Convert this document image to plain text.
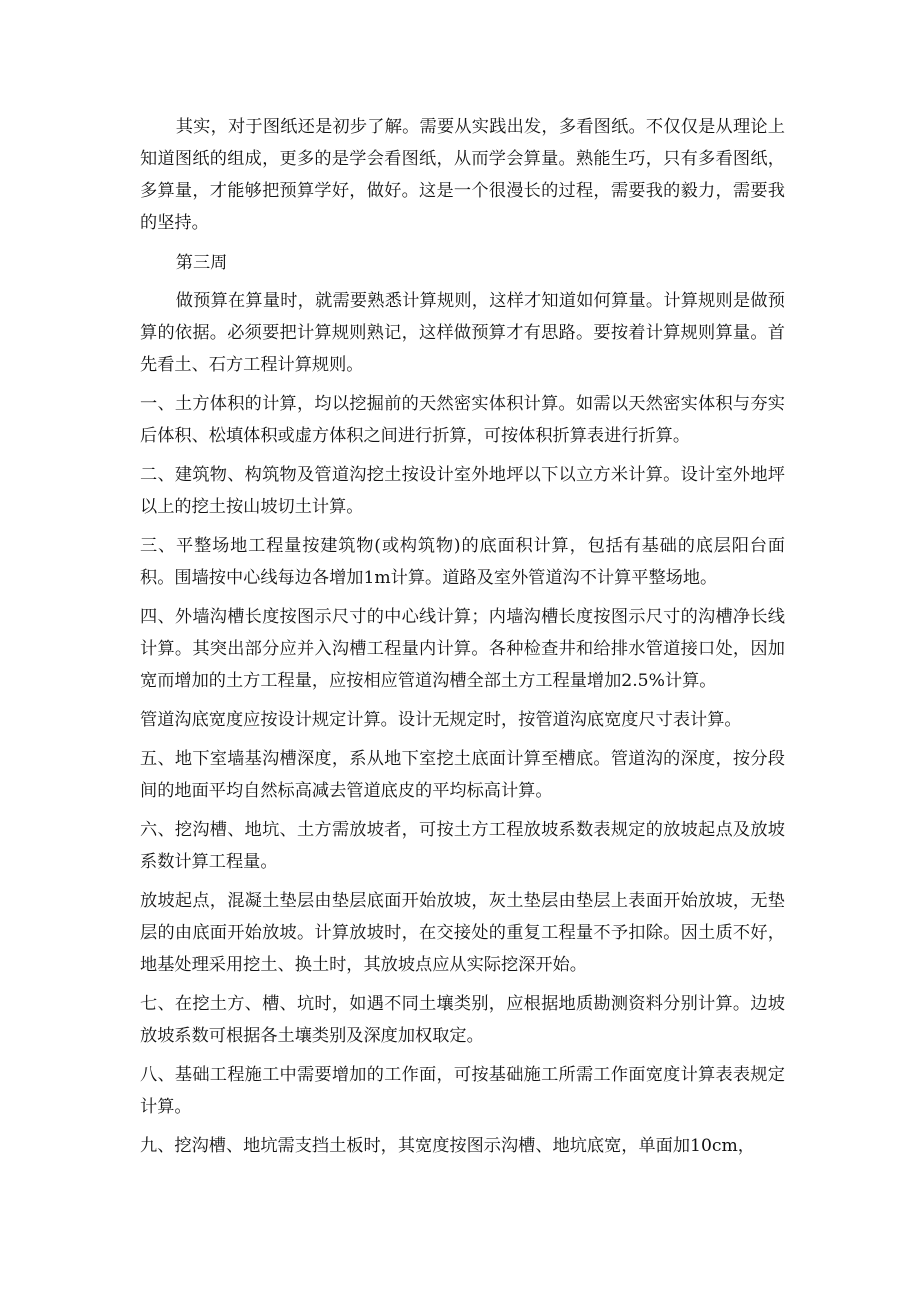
其实，对于图纸还是初步了解。需要从实践出发，多看图纸。不仅仅是从理论上知道图纸的组成，更多的是学会看图纸，从而学会算量。熟能生巧，只有多看图纸，多算量，才能够把预算学好，做好。这是一个很漫长的过程，需要我的毅力，需要我的坚持。

第三周

做预算在算量时，就需要熟悉计算规则，这样才知道如何算量。计算规则是做预算的依据。必须要把计算规则熟记，这样做预算才有思路。要按着计算规则算量。首先看土、石方工程计算规则。

一、土方体积的计算，均以挖掘前的天然密实体积计算。如需以天然密实体积与夯实后体积、松填体积或虚方体积之间进行折算，可按体积折算表进行折算。

二、建筑物、构筑物及管道沟挖土按设计室外地坪以下以立方米计算。设计室外地坪以上的挖土按山坡切土计算。

三、平整场地工程量按建筑物(或构筑物)的底面积计算，包括有基础的底层阳台面积。围墙按中心线每边各增加1m计算。道路及室外管道沟不计算平整场地。

四、外墙沟槽长度按图示尺寸的中心线计算；内墙沟槽长度按图示尺寸的沟槽净长线计算。其突出部分应并入沟槽工程量内计算。各种检查井和给排水管道接口处，因加宽而增加的土方工程量，应按相应管道沟槽全部土方工程量增加2.5%计算。

管道沟底宽度应按设计规定计算。设计无规定时，按管道沟底宽度尺寸表计算。

五、地下室墙基沟槽深度，系从地下室挖土底面计算至槽底。管道沟的深度，按分段间的地面平均自然标高减去管道底皮的平均标高计算。

六、挖沟槽、地坑、土方需放坡者，可按土方工程放坡系数表规定的放坡起点及放坡系数计算工程量。

放坡起点，混凝土垫层由垫层底面开始放坡，灰土垫层由垫层上表面开始放坡，无垫层的由底面开始放坡。计算放坡时，在交接处的重复工程量不予扣除。因土质不好，地基处理采用挖土、换土时，其放坡点应从实际挖深开始。

七、在挖土方、槽、坑时，如遇不同土壤类别，应根据地质勘测资料分别计算。边坡放坡系数可根据各土壤类别及深度加权取定。

八、基础工程施工中需要增加的工作面，可按基础施工所需工作面宽度计算表表规定计算。

九、挖沟槽、地坑需支挡土板时，其宽度按图示沟槽、地坑底宽，单面加10cm，
